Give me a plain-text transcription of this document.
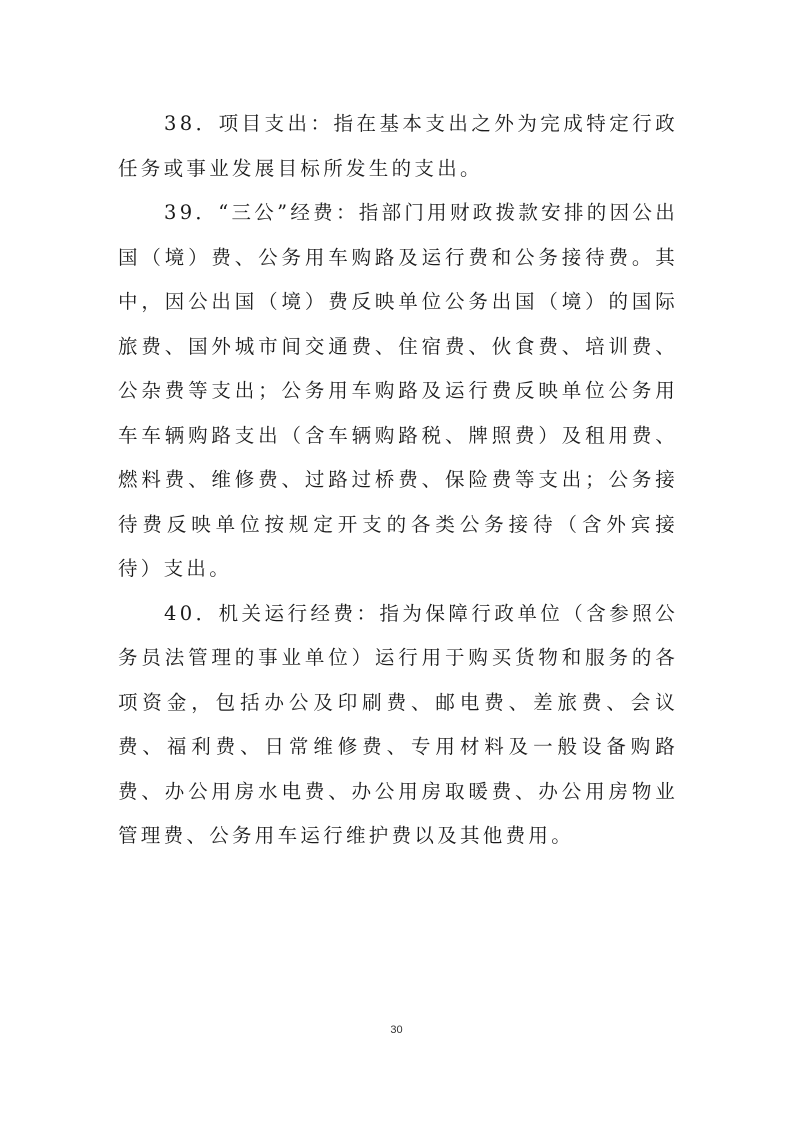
38．项目支出：指在基本支出之外为完成特定行政任务或事业发展目标所发生的支出。

39．“三公”经费：指部门用财政拨款安排的因公出国（境）费、公务用车购路及运行费和公务接待费。其中，因公出国（境）费反映单位公务出国（境）的国际旅费、国外城市间交通费、住宿费、伙食费、培训费、公杂费等支出；公务用车购路及运行费反映单位公务用车车辆购路支出（含车辆购路税、牌照费）及租用费、燃料费、维修费、过路过桥费、保险费等支出；公务接待费反映单位按规定开支的各类公务接待（含外宾接待）支出。

40．机关运行经费：指为保障行政单位（含参照公务员法管理的事业单位）运行用于购买货物和服务的各项资金，包括办公及印刷费、邮电费、差旅费、会议费、福利费、日常维修费、专用材料及一般设备购路费、办公用房水电费、办公用房取暖费、办公用房物业管理费、公务用车运行维护费以及其他费用。

30
